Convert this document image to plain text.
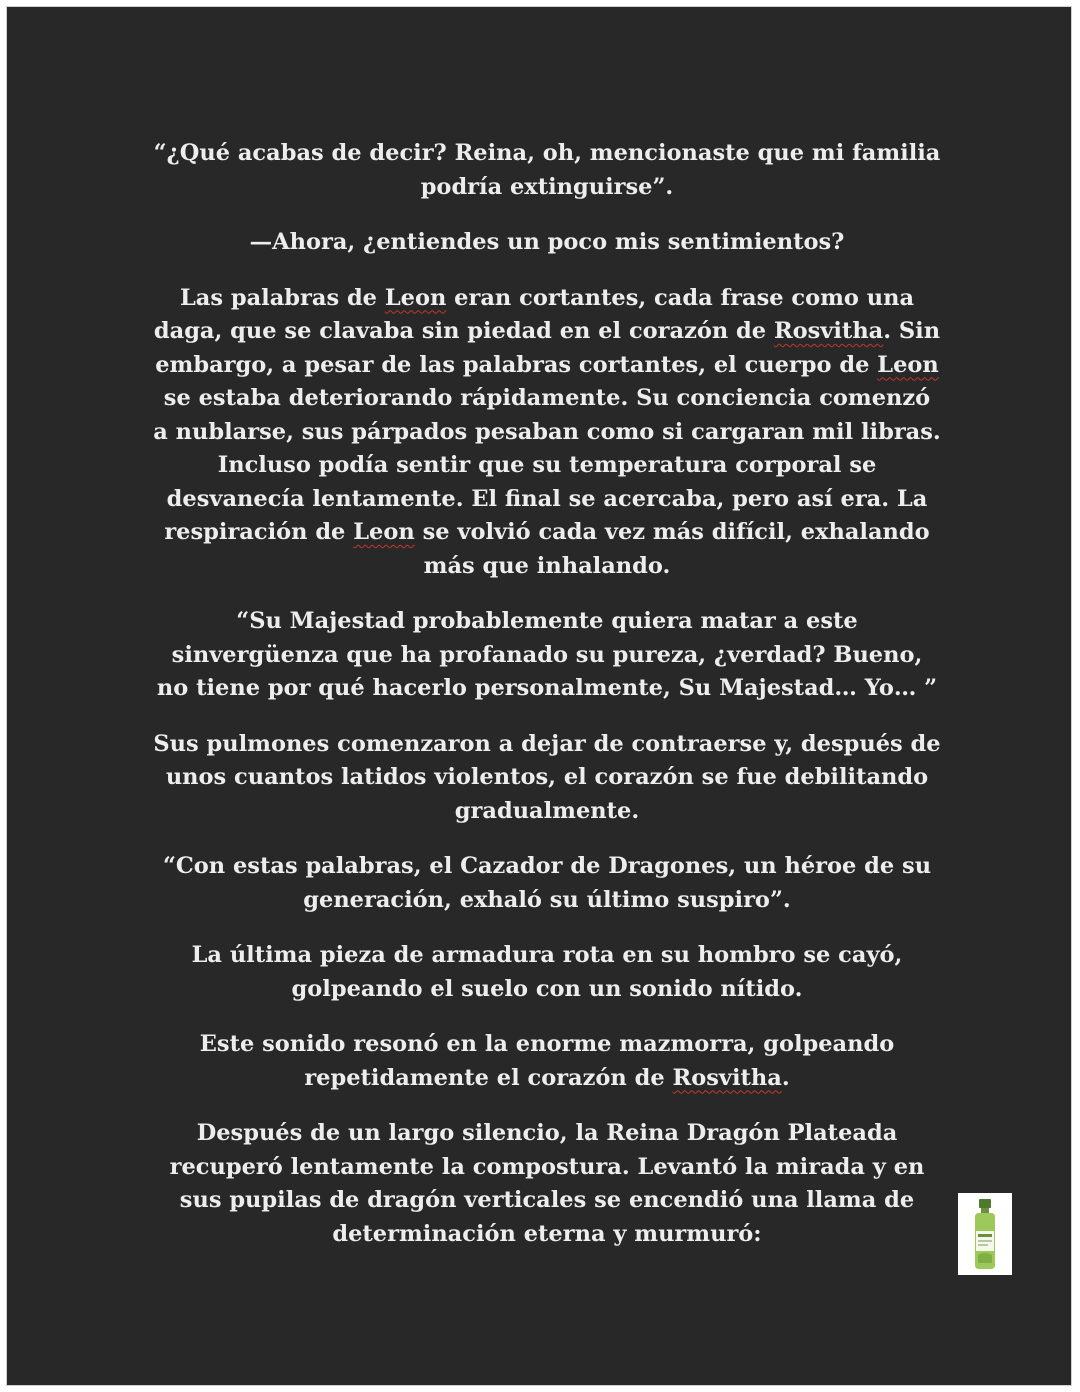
“¿Qué acabas de decir? Reina, oh, mencionaste que mi familia podría extinguirse”.

—Ahora, ¿entiendes un poco mis sentimientos?

Las palabras de Leon eran cortantes, cada frase como una daga, que se clavaba sin piedad en el corazón de Rosvitha. Sin embargo, a pesar de las palabras cortantes, el cuerpo de Leon se estaba deteriorando rápidamente. Su conciencia comenzó a nublarse, sus párpados pesaban como si cargaran mil libras. Incluso podía sentir que su temperatura corporal se desvanecía lentamente. El final se acercaba, pero así era. La respiración de Leon se volvió cada vez más difícil, exhalando más que inhalando.

“Su Majestad probablemente quiera matar a este sinvergüenza que ha profanado su pureza, ¿verdad? Bueno, no tiene por qué hacerlo personalmente, Su Majestad… Yo… ”

Sus pulmones comenzaron a dejar de contraerse y, después de unos cuantos latidos violentos, el corazón se fue debilitando gradualmente.

“Con estas palabras, el Cazador de Dragones, un héroe de su generación, exhaló su último suspiro”.

La última pieza de armadura rota en su hombro se cayó, golpeando el suelo con un sonido nítido.

Este sonido resonó en la enorme mazmorra, golpeando repetidamente el corazón de Rosvitha.

Después de un largo silencio, la Reina Dragón Plateada recuperó lentamente la compostura. Levantó la mirada y en sus pupilas de dragón verticales se encendió una llama de determinación eterna y murmuró:
